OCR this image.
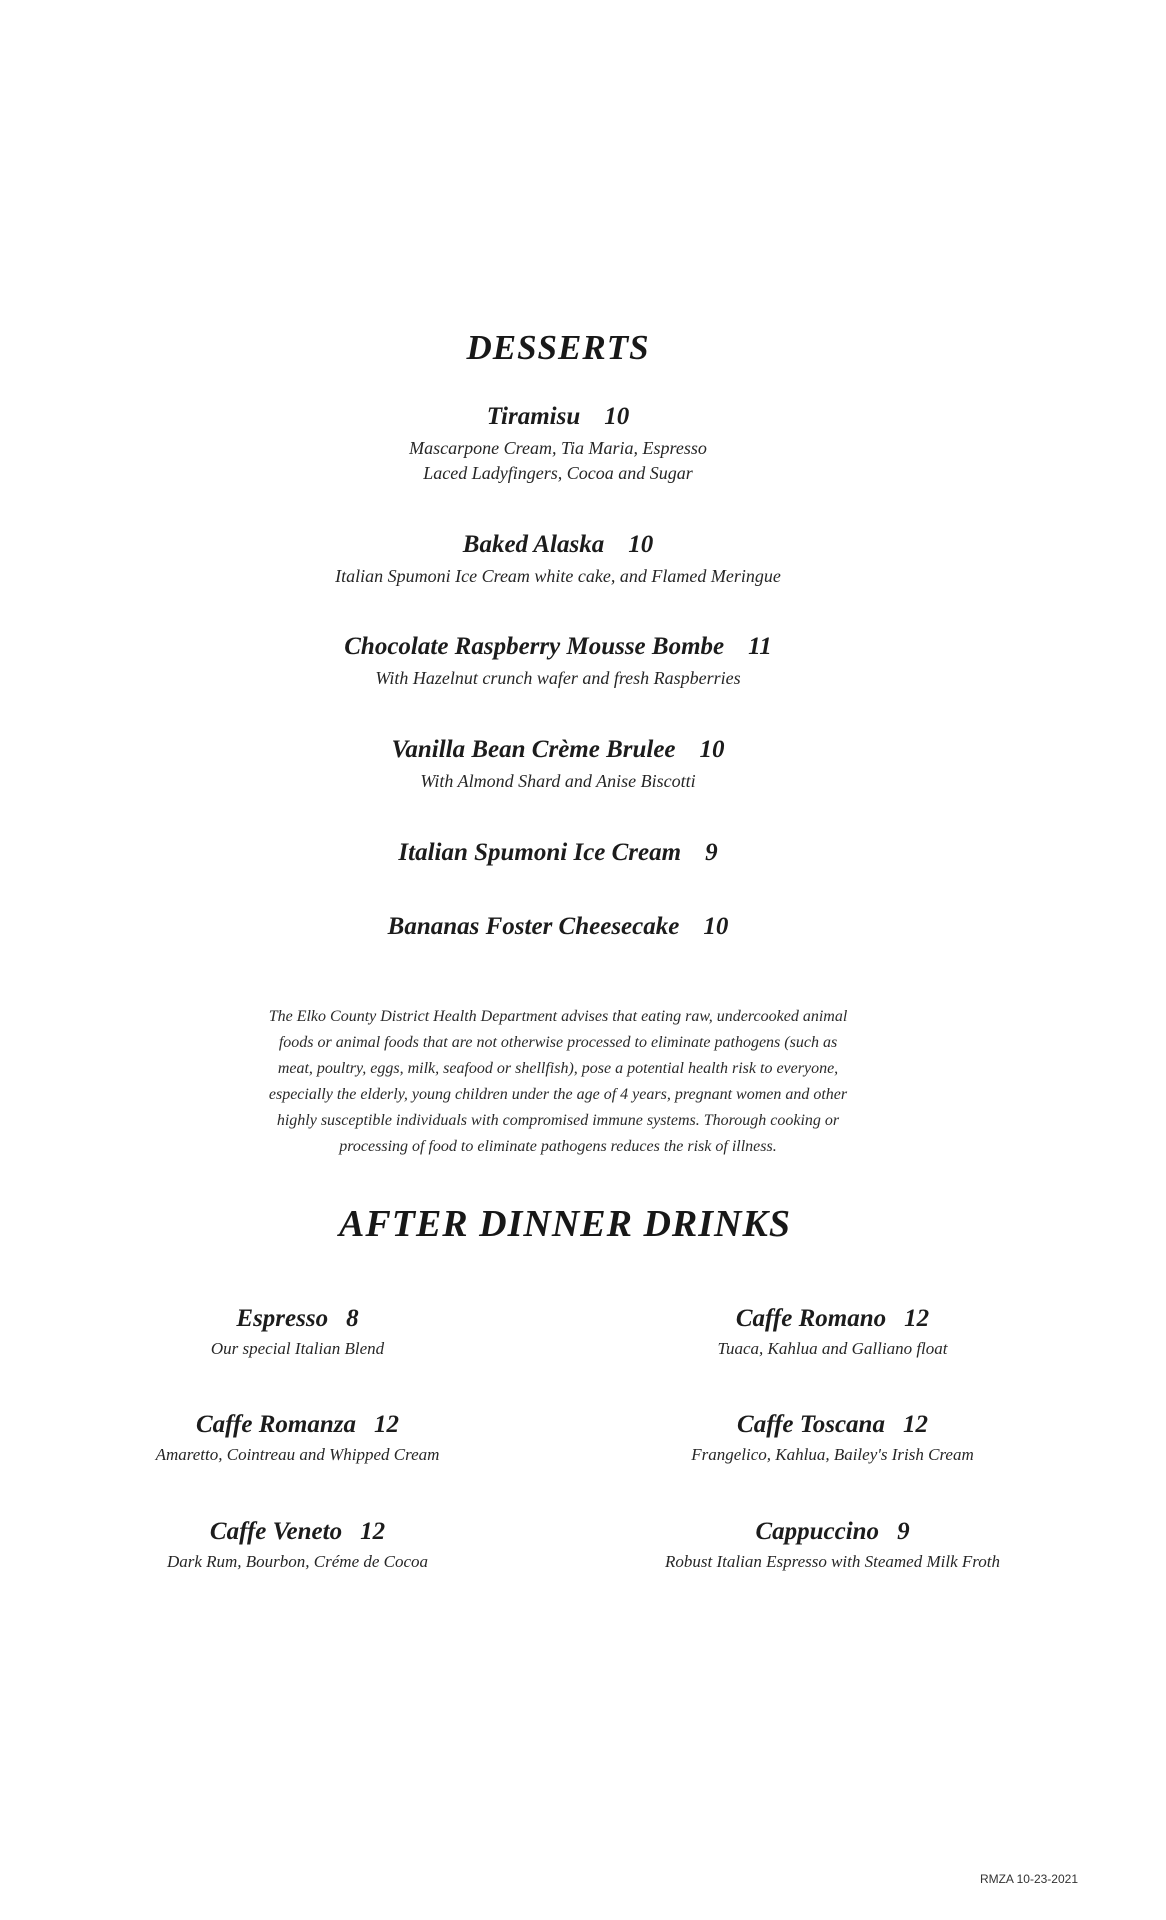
DESSERTS
Tiramisu 10
Mascarpone Cream, Tia Maria, Espresso
Laced Ladyfingers, Cocoa and Sugar
Baked Alaska 10
Italian Spumoni Ice Cream white cake, and Flamed Meringue
Chocolate Raspberry Mousse Bombe 11
With Hazelnut crunch wafer and fresh Raspberries
Vanilla Bean Crème Brulee 10
With Almond Shard and Anise Biscotti
Italian Spumoni Ice Cream 9
Bananas Foster Cheesecake 10
The Elko County District Health Department advises that eating raw, undercooked animal
foods or animal foods that are not otherwise processed to eliminate pathogens (such as
meat, poultry, eggs, milk, seafood or shellfish), pose a potential health risk to everyone,
especially the elderly, young children under the age of 4 years, pregnant women and other
highly susceptible individuals with compromised immune systems. Thorough cooking or
processing of food to eliminate pathogens reduces the risk of illness.
AFTER DINNER DRINKS
Espresso 8
Our special Italian Blend
Caffe Romanza 12
Amaretto, Cointreau and Whipped Cream
Caffe Veneto 12
Dark Rum, Bourbon, Créme de Cocoa
Caffe Romano 12
Tuaca, Kahlua and Galliano float
Caffe Toscana 12
Frangelico, Kahlua, Bailey's Irish Cream
Cappuccino 9
Robust Italian Espresso with Steamed Milk Froth
RMZA 10-23-2021
